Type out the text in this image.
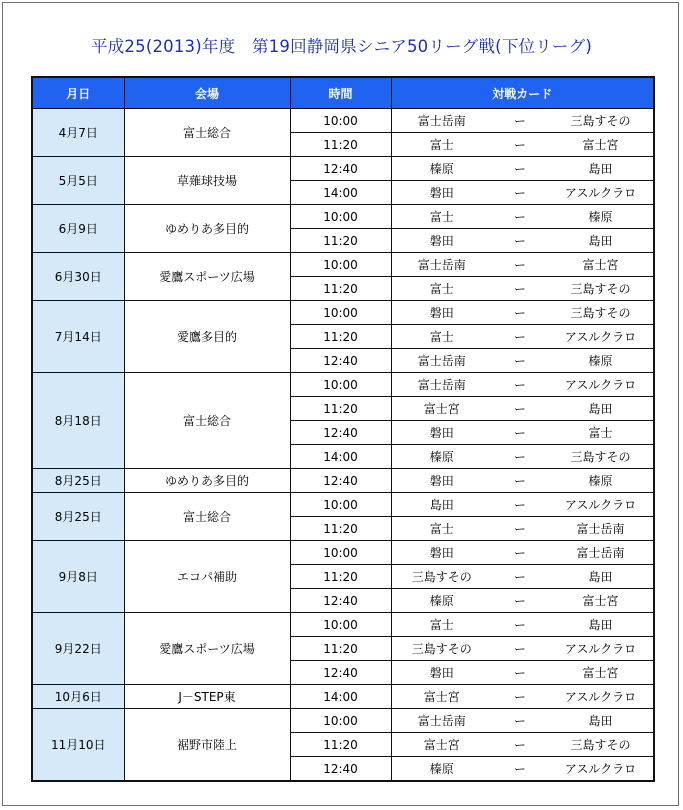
平成25(2013)年度　第19回静岡県シニア50リーグ戦(下位リーグ)
月日	会場	時間	対戦カード		
4月7日	富士総合	10:00	富士岳南	ー	三島すその
		11:20	富士	ー	富士宮
5月5日	草薙球技場	12:40	榛原	ー	島田
		14:00	磐田	ー	アスルクラロ
6月9日	ゆめりあ多目的	10:00	富士	ー	榛原
		11:20	磐田	ー	島田
6月30日	愛鷹スポーツ広場	10:00	富士岳南	ー	富士宮
		11:20	富士	ー	三島すその
7月14日	愛鷹多目的	10:00	磐田	ー	三島すその
		11:20	富士	ー	アスルクラロ
		12:40	富士岳南	ー	榛原
8月18日	富士総合	10:00	富士岳南	ー	アスルクラロ
		11:20	富士宮	ー	島田
		12:40	磐田	ー	富士
		14:00	榛原	ー	三島すその
8月25日	ゆめりあ多目的	12:40	磐田	ー	榛原
8月25日	富士総合	10:00	島田	ー	アスルクラロ
		11:20	富士	ー	富士岳南
9月8日	エコパ補助	10:00	磐田	ー	富士岳南
		11:20	三島すその	ー	島田
		12:40	榛原	ー	富士宮
9月22日	愛鷹スポーツ広場	10:00	富士	ー	島田
		11:20	三島すその	ー	アスルクラロ
		12:40	磐田	ー	富士宮
10月6日	J－STEP東	14:00	富士宮	ー	アスルクラロ
11月10日	裾野市陸上	10:00	富士岳南	ー	島田
		11:20	富士宮	ー	三島すその
		12:40	榛原	ー	アスルクラロ
